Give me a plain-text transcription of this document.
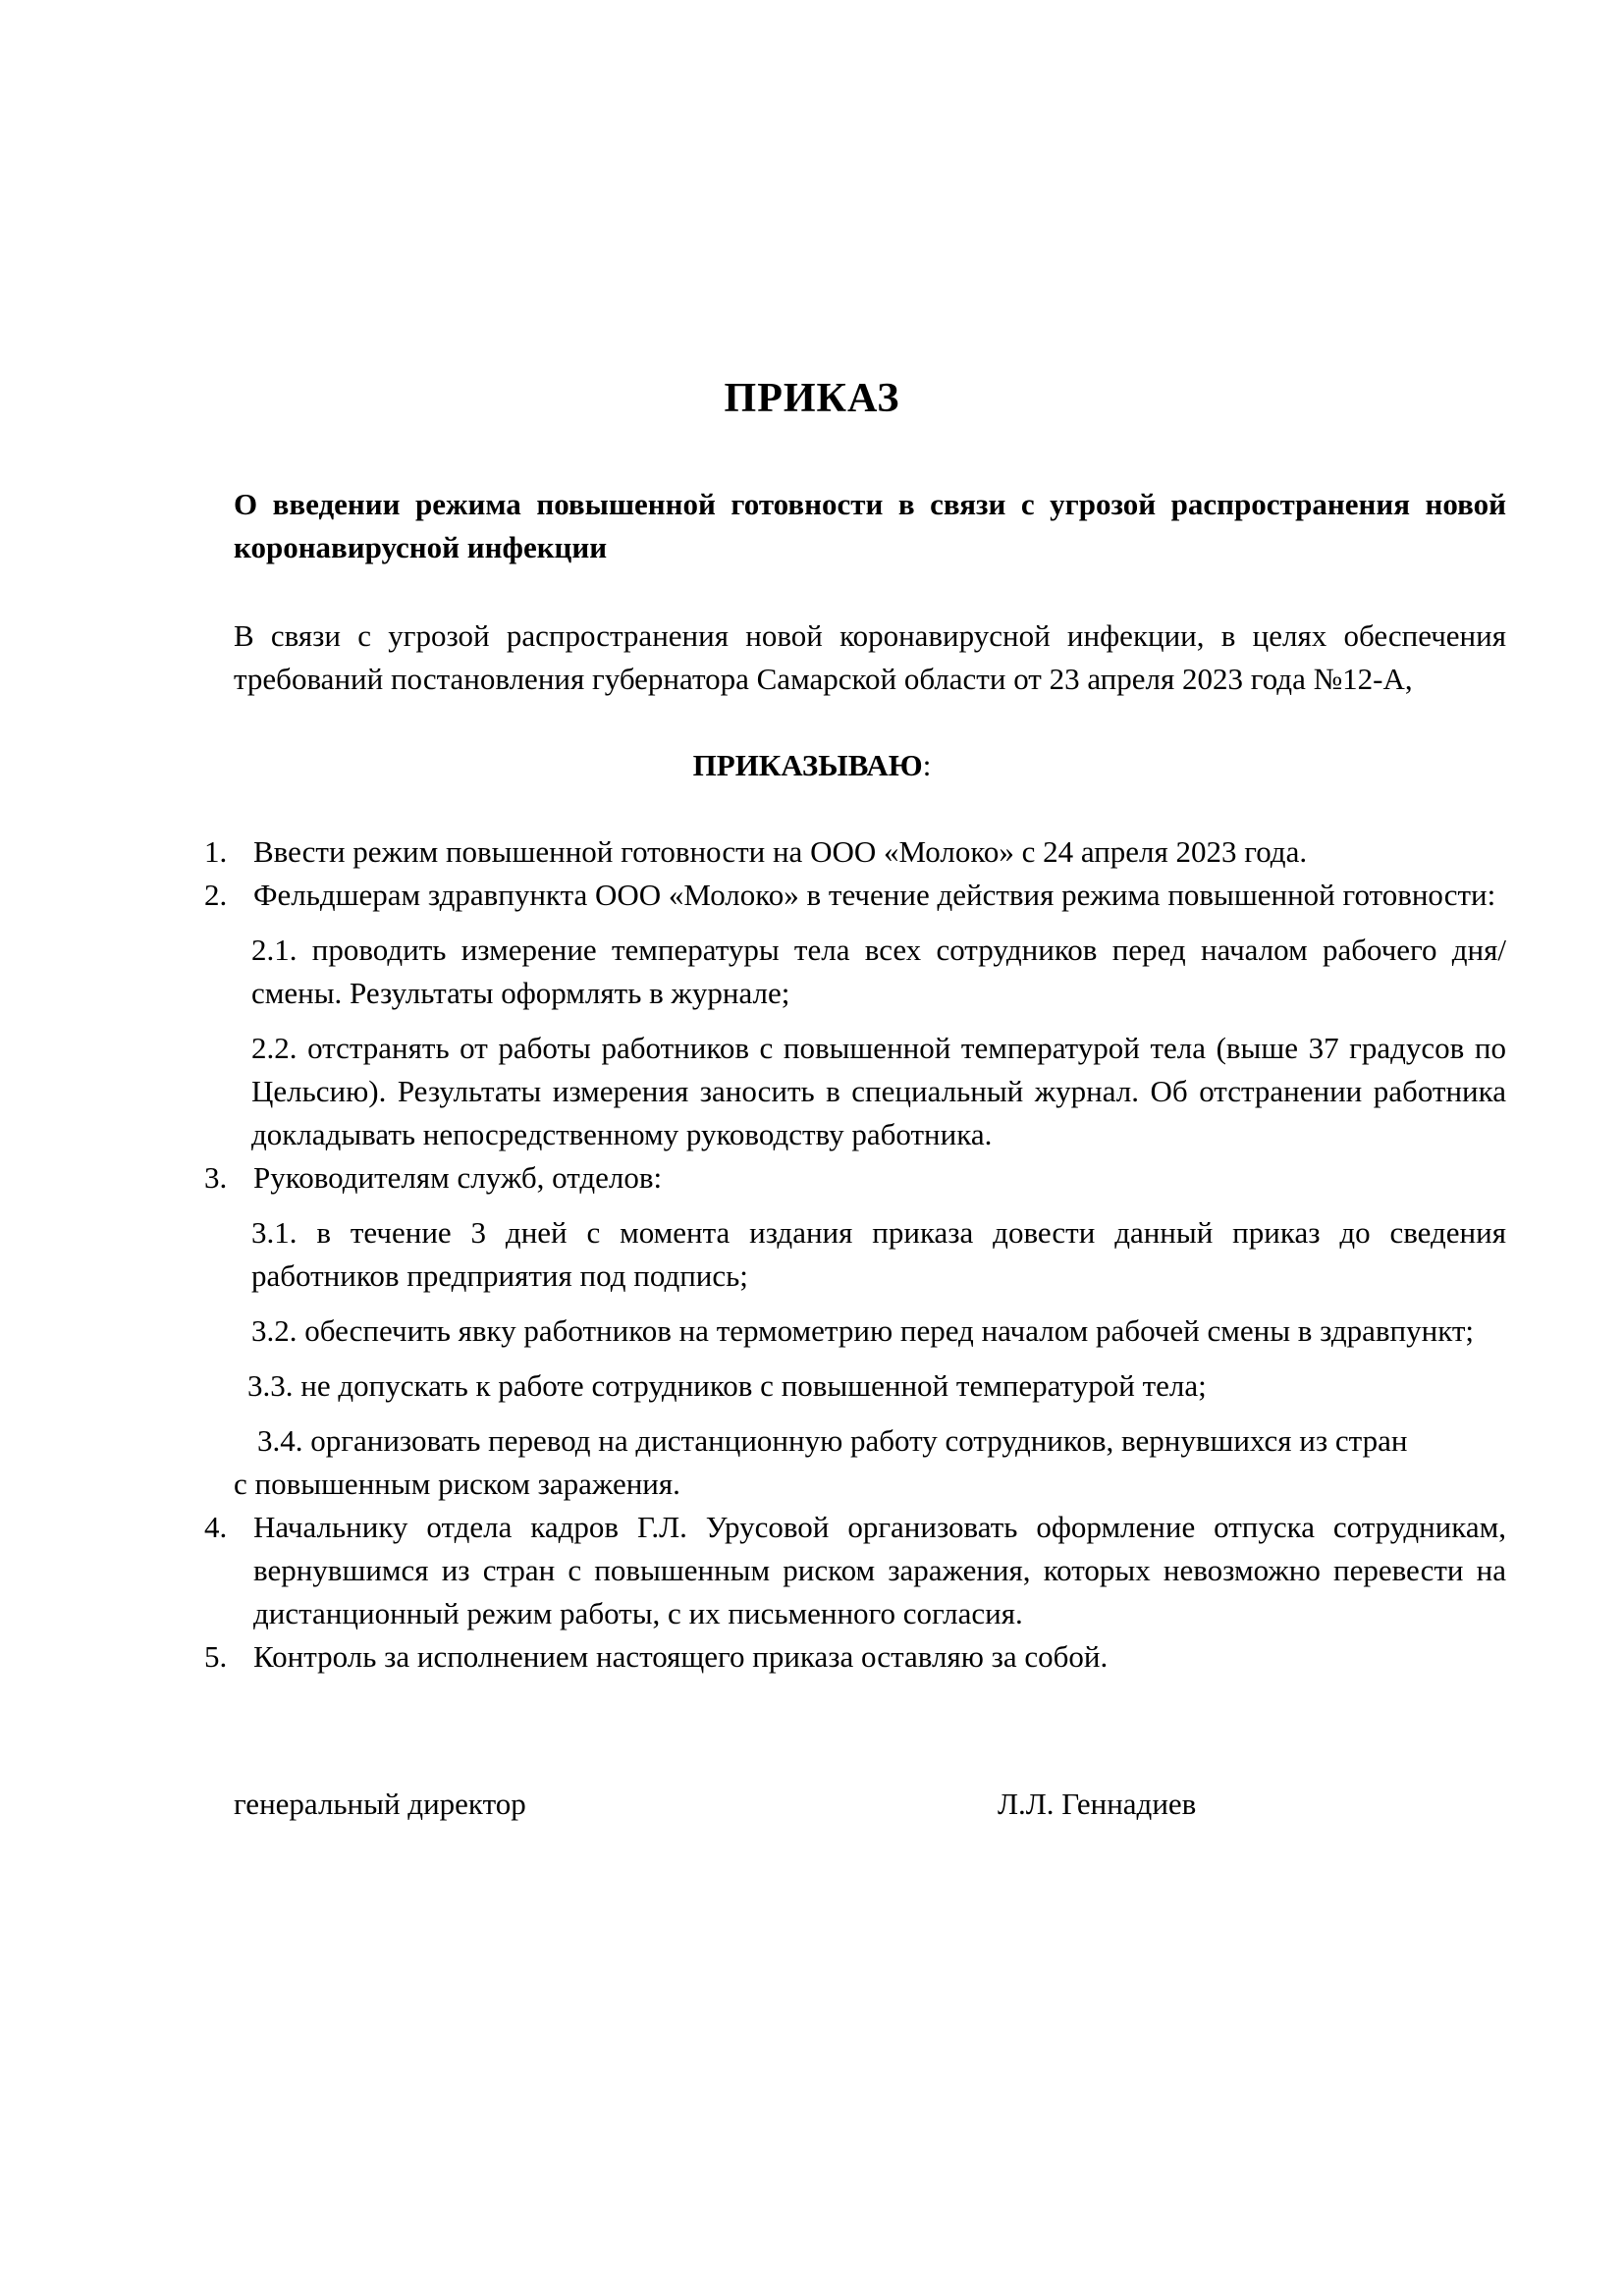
ПРИКАЗ
О введении режима повышенной готовности в связи с угрозой распространения новой коронавирусной инфекции
В связи с угрозой распространения новой коронавирусной инфекции, в целях обеспечения требований постановления губернатора Самарской области от 23 апреля 2023 года №12-А,
ПРИКАЗЫВАЮ:
1. Ввести режим повышенной готовности на ООО «Молоко» с 24 апреля 2023 года.
2. Фельдшерам здравпункта ООО «Молоко» в течение действия режима повышенной готовности:
2.1. проводить измерение температуры тела всех сотрудников перед началом рабочего дня/смены. Результаты оформлять в журнале;
2.2. отстранять от работы работников с повышенной температурой тела (выше 37 градусов по Цельсию). Результаты измерения заносить в специальный журнал. Об отстранении работника докладывать непосредственному руководству работника.
3. Руководителям служб, отделов:
3.1. в течение 3 дней с момента издания приказа довести данный приказ до сведения работников предприятия под подпись;
3.2. обеспечить явку работников на термометрию перед началом рабочей смены в здравпункт;
3.3. не допускать к работе сотрудников с повышенной температурой тела;
3.4. организовать перевод на дистанционную работу сотрудников, вернувшихся из стран
с повышенным риском заражения.
4. Начальнику отдела кадров Г.Л. Урусовой организовать оформление отпуска сотрудникам, вернувшимся из стран с повышенным риском заражения, которых невозможно перевести на дистанционный режим работы, с их письменного согласия.
5. Контроль за исполнением настоящего приказа оставляю за собой.
генеральный директор	Л.Л. Геннадиев
